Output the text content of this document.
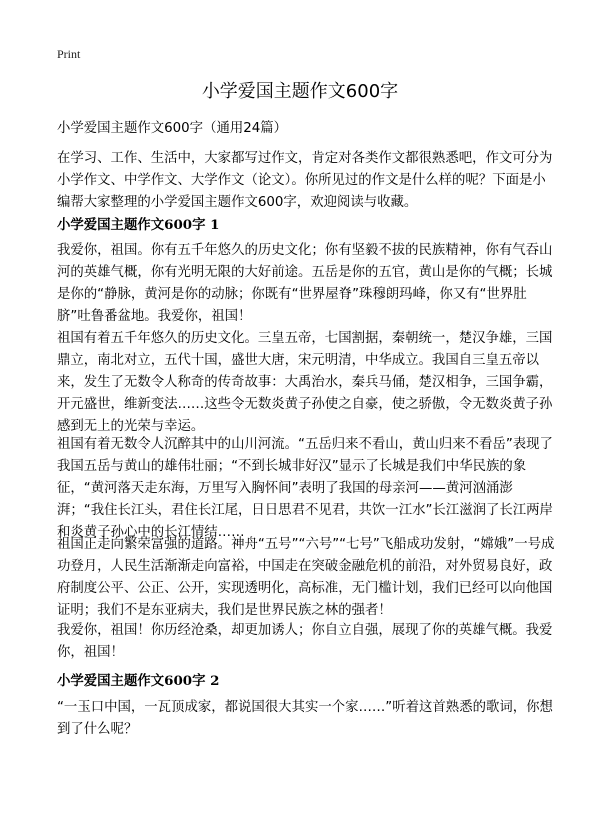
Print
小学爱国主题作文600字

小学爱国主题作文600字（通用24篇）

在学习、工作、生活中，大家都写过作文，肯定对各类作文都很熟悉吧，作文可分为小学作文、中学作文、大学作文（论文）。你所见过的作文是什么样的呢？下面是小编帮大家整理的小学爱国主题作文600字，欢迎阅读与收藏。

小学爱国主题作文600字 1

我爱你，祖国。你有五千年悠久的历史文化；你有坚毅不拔的民族精神，你有气吞山河的英雄气概，你有光明无限的大好前途。五岳是你的五官，黄山是你的气概；长城是你的“静脉，黄河是你的动脉；你既有“世界屋脊”珠穆朗玛峰，你又有“世界肚脐”吐鲁番盆地。我爱你，祖国！

祖国有着五千年悠久的历史文化。三皇五帝，七国割据，秦朝统一，楚汉争雄，三国鼎立，南北对立，五代十国，盛世大唐，宋元明清，中华成立。我国自三皇五帝以来，发生了无数令人称奇的传奇故事：大禹治水，秦兵马俑，楚汉相争，三国争霸，开元盛世，维新变法……这些令无数炎黄子孙使之自豪，使之骄傲，令无数炎黄子孙感到无上的光荣与幸运。

祖国有着无数令人沉醉其中的山川河流。“五岳归来不看山，黄山归来不看岳”表现了我国五岳与黄山的雄伟壮丽；“不到长城非好汉”显示了长城是我们中华民族的象征，“黄河落天走东海，万里写入胸怀间”表明了我国的母亲河——黄河汹涌澎湃；“我住长江头，君住长江尾，日日思君不见君，共饮一江水”长江滋润了长江两岸和炎黄子孙心中的长江情结……

祖国正走向繁荣富强的道路。神舟“五号”“六号”“七号”飞船成功发射，“嫦娥”一号成功登月，人民生活渐渐走向富裕，中国走在突破金融危机的前沿，对外贸易良好，政府制度公平、公正、公开，实现透明化，高标准，无门槛计划，我们已经可以向他国证明；我们不是东亚病夫，我们是世界民族之林的强者！

我爱你，祖国！你历经沧桑，却更加诱人；你自立自强，展现了你的英雄气概。我爱你，祖国！

小学爱国主题作文600字 2

“一玉口中国，一瓦顶成家，都说国很大其实一个家……”听着这首熟悉的歌词，你想到了什么呢？
